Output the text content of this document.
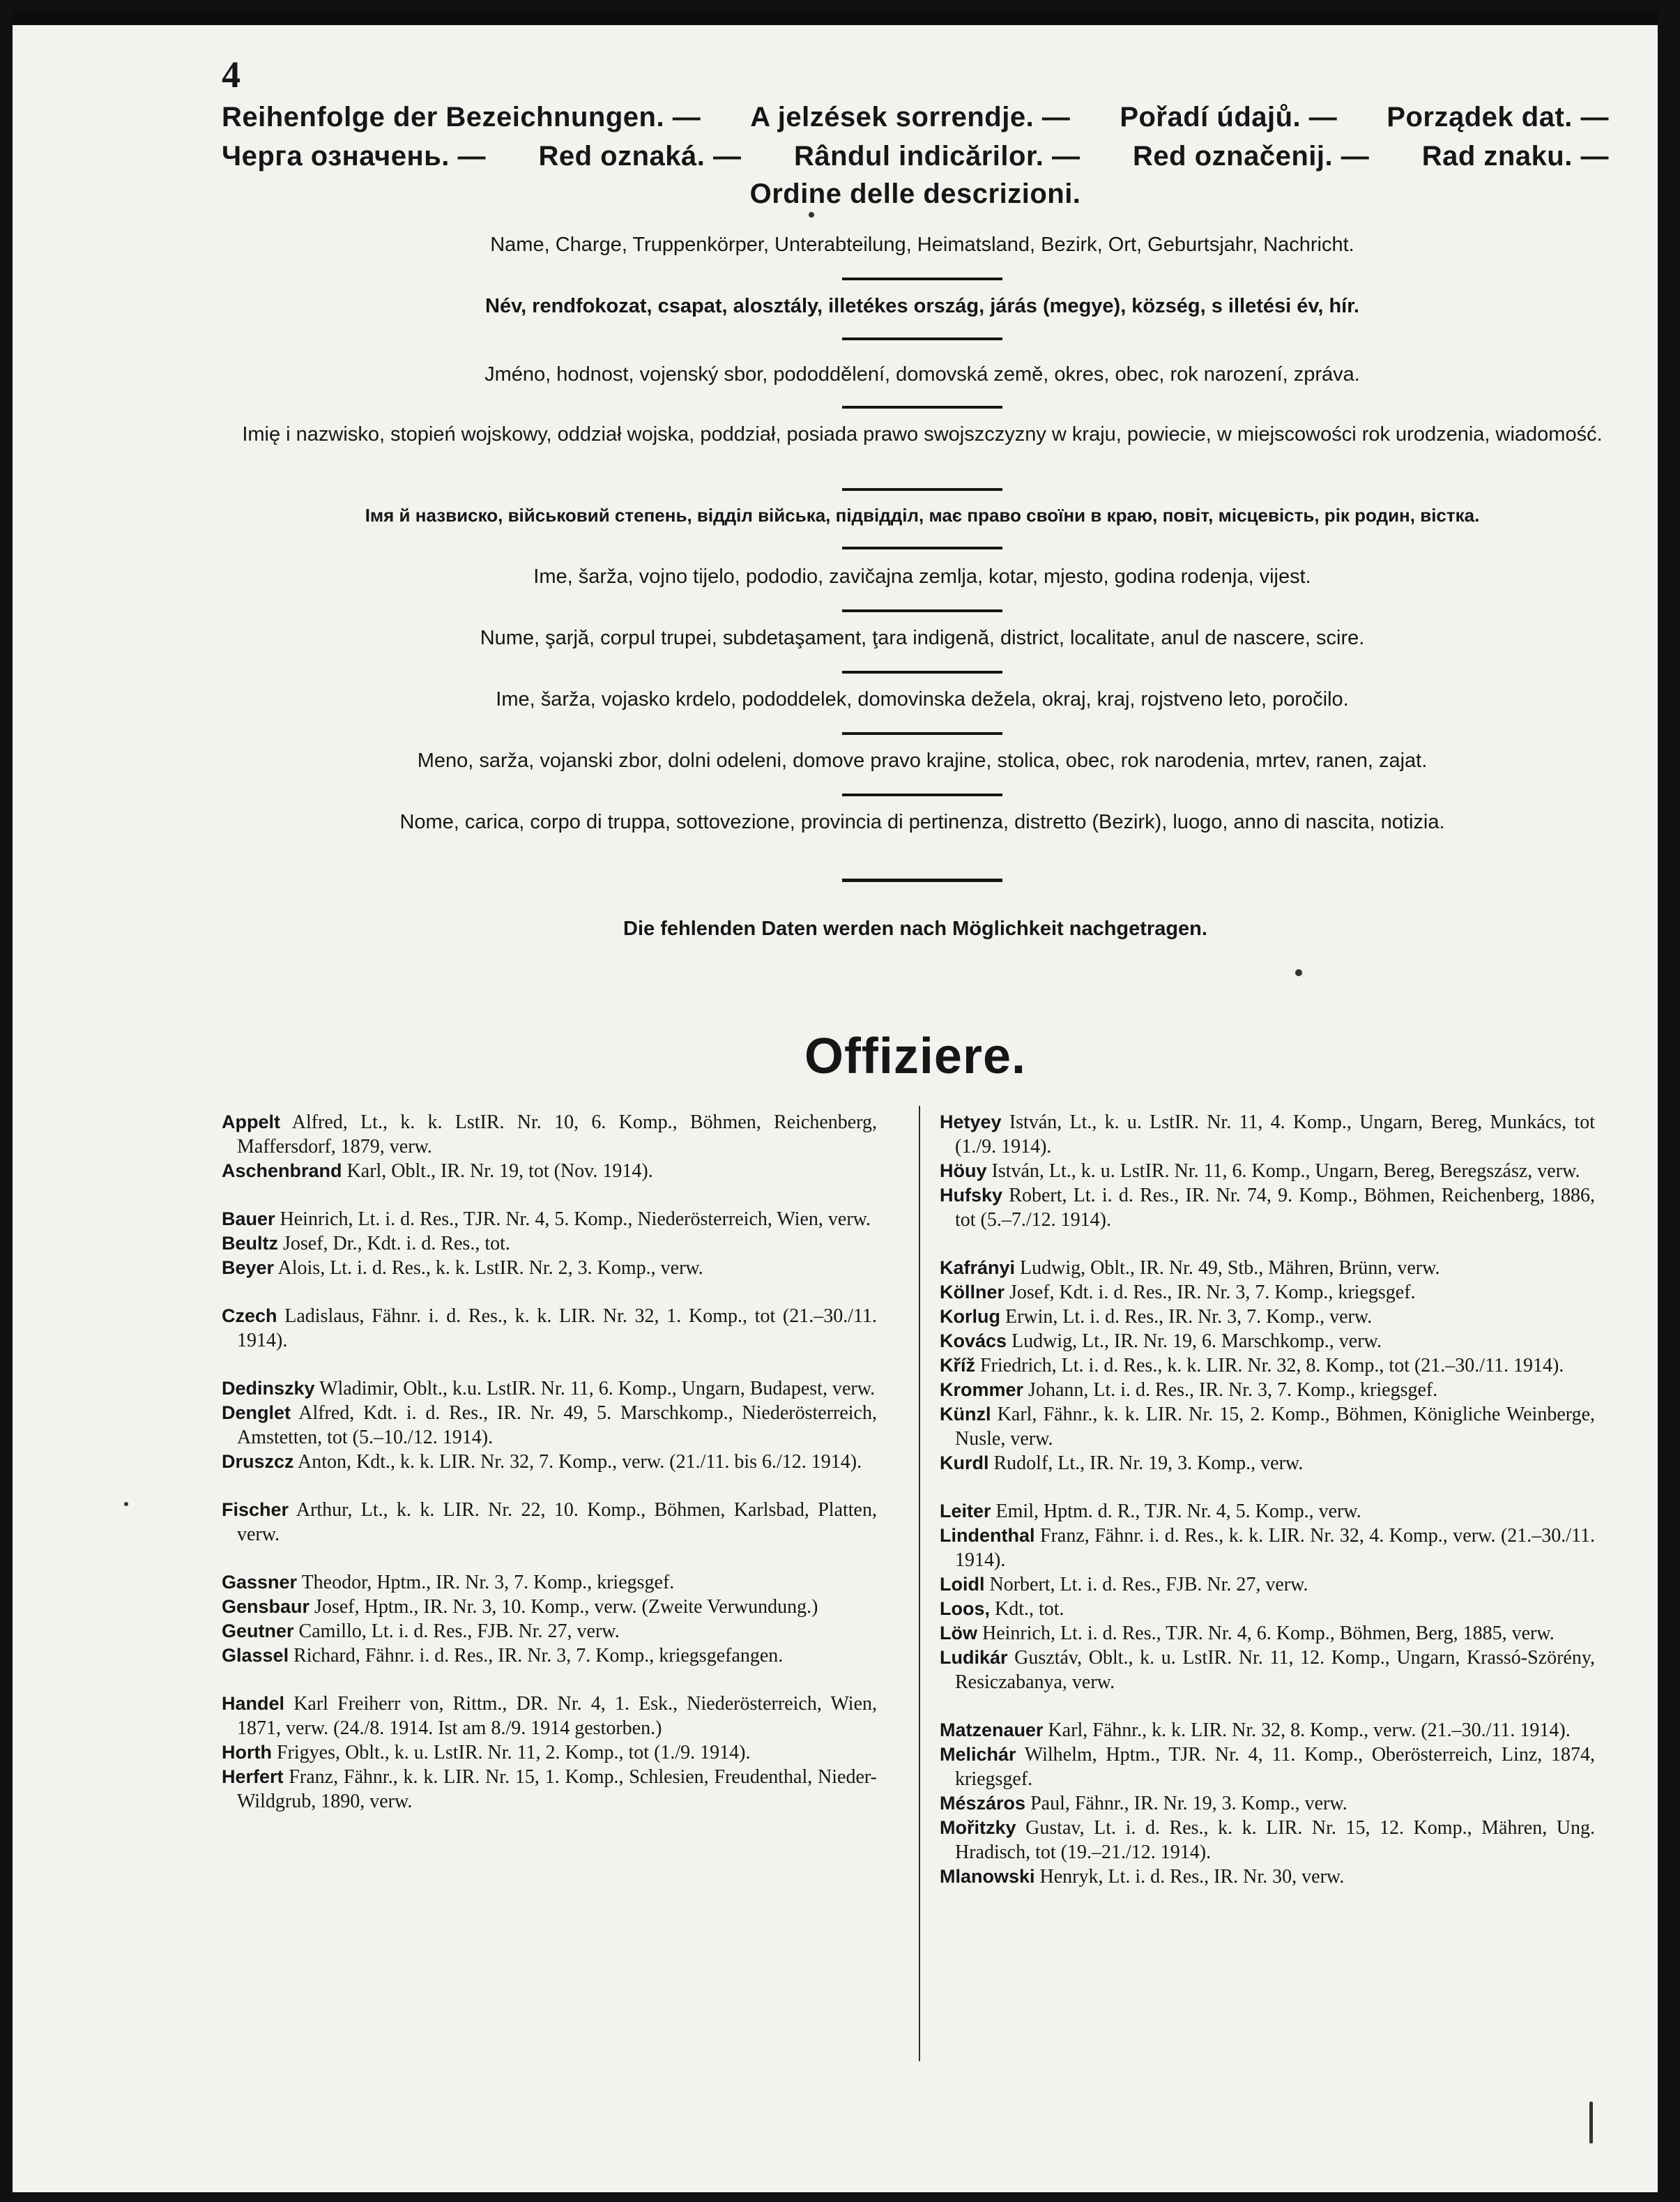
4
Reihenfolge der Bezeichnungen. — A jelzések sorrendje. — Pořadí údajů. — Porządek dat. —
Черга означень. — Red oznaká. — Rândul indicărilor. — Red označenij. — Rad znaku. —
Ordine delle descrizioni.
Name, Charge, Truppenkörper, Unterabteilung, Heimatsland, Bezirk, Ort, Geburtsjahr, Nachricht.
Név, rendfokozat, csapat, alosztály, illetékes ország, járás (megye), község, s illetési év, hír.
Jméno, hodnost, vojenský sbor, pododdělení, domovská země, okres, obec, rok narození, zpráva.
Imię i nazwisko, stopień wojskowy, oddział wojska, poddział, posiada prawo swojszczyzny w kraju, powiecie, w miejscowości rok urodzenia, wiadomość.
Імя й назвиско, військовий степень, відділ війська, підвідділ, має право своїни в краю, повіт, місцевість, рік родин, вістка.
Ime, šarža, vojno tijelo, pododio, zavičajna zemlja, kotar, mjesto, godina rodenja, vijest.
Nume, şarjă, corpul trupei, subdetaşament, ţara indigenă, district, localitate, anul de nascere, scire.
Ime, šarža, vojasko krdelo, pododdelek, domovinska dežela, okraj, kraj, rojstveno leto, poročilo.
Meno, sarža, vojanski zbor, dolni odeleni, domove pravo krajine, stolica, obec, rok narodenia, mrtev, ranen, zajat.
Nome, carica, corpo di truppa, sottovezione, provincia di pertinenza, distretto (Bezirk), luogo, anno di nascita, notizia.
Die fehlenden Daten werden nach Möglichkeit nachgetragen.
Offiziere.
Appelt Alfred, Lt., k. k. LstIR. Nr. 10, 6. Komp., Böhmen, Reichenberg, Maffersdorf, 1879, verw.
Aschenbrand Karl, Oblt., IR. Nr. 19, tot (Nov. 1914).
Bauer Heinrich, Lt. i. d. Res., TJR. Nr. 4, 5. Komp., Niederösterreich, Wien, verw.
Beultz Josef, Dr., Kdt. i. d. Res., tot.
Beyer Alois, Lt. i. d. Res., k. k. LstIR. Nr. 2, 3. Komp., verw.
Czech Ladislaus, Fähnr. i. d. Res., k. k. LIR. Nr. 32, 1. Komp., tot (21.–30./11. 1914).
Dedinszky Wladimir, Oblt., k.u. LstIR. Nr. 11, 6. Komp., Ungarn, Budapest, verw.
Denglet Alfred, Kdt. i. d. Res., IR. Nr. 49, 5. Marschkomp., Niederösterreich, Amstetten, tot (5.–10./12. 1914).
Druszcz Anton, Kdt., k. k. LIR. Nr. 32, 7. Komp., verw. (21./11. bis 6./12. 1914).
Fischer Arthur, Lt., k. k. LIR. Nr. 22, 10. Komp., Böhmen, Karlsbad, Platten, verw.
Gassner Theodor, Hptm., IR. Nr. 3, 7. Komp., kriegsgef.
Gensbaur Josef, Hptm., IR. Nr. 3, 10. Komp., verw. (Zweite Verwundung.)
Geutner Camillo, Lt. i. d. Res., FJB. Nr. 27, verw.
Glassel Richard, Fähnr. i. d. Res., IR. Nr. 3, 7. Komp., kriegsgefangen.
Handel Karl Freiherr von, Rittm., DR. Nr. 4, 1. Esk., Niederösterreich, Wien, 1871, verw. (24./8. 1914. Ist am 8./9. 1914 gestorben.)
Horth Frigyes, Oblt., k. u. LstIR. Nr. 11, 2. Komp., tot (1./9. 1914).
Herfert Franz, Fähnr., k. k. LIR. Nr. 15, 1. Komp., Schlesien, Freudenthal, Nieder-Wildgrub, 1890, verw.
Hetyey István, Lt., k. u. LstIR. Nr. 11, 4. Komp., Ungarn, Bereg, Munkács, tot (1./9. 1914).
Höuy István, Lt., k. u. LstIR. Nr. 11, 6. Komp., Ungarn, Bereg, Beregszász, verw.
Hufsky Robert, Lt. i. d. Res., IR. Nr. 74, 9. Komp., Böhmen, Reichenberg, 1886, tot (5.–7./12. 1914).
Kafrányi Ludwig, Oblt., IR. Nr. 49, Stb., Mähren, Brünn, verw.
Köllner Josef, Kdt. i. d. Res., IR. Nr. 3, 7. Komp., kriegsgef.
Korlug Erwin, Lt. i. d. Res., IR. Nr. 3, 7. Komp., verw.
Kovács Ludwig, Lt., IR. Nr. 19, 6. Marschkomp., verw.
Kříž Friedrich, Lt. i. d. Res., k. k. LIR. Nr. 32, 8. Komp., tot (21.–30./11. 1914).
Krommer Johann, Lt. i. d. Res., IR. Nr. 3, 7. Komp., kriegsgef.
Künzl Karl, Fähnr., k. k. LIR. Nr. 15, 2. Komp., Böhmen, Königliche Weinberge, Nusle, verw.
Kurdl Rudolf, Lt., IR. Nr. 19, 3. Komp., verw.
Leiter Emil, Hptm. d. R., TJR. Nr. 4, 5. Komp., verw.
Lindenthal Franz, Fähnr. i. d. Res., k. k. LIR. Nr. 32, 4. Komp., verw. (21.–30./11. 1914).
Loidl Norbert, Lt. i. d. Res., FJB. Nr. 27, verw.
Loos, Kdt., tot.
Löw Heinrich, Lt. i. d. Res., TJR. Nr. 4, 6. Komp., Böhmen, Berg, 1885, verw.
Ludikár Gusztáv, Oblt., k. u. LstIR. Nr. 11, 12. Komp., Ungarn, Krassó-Szörény, Resiczabanya, verw.
Matzenauer Karl, Fähnr., k. k. LIR. Nr. 32, 8. Komp., verw. (21.–30./11. 1914).
Melichár Wilhelm, Hptm., TJR. Nr. 4, 11. Komp., Oberösterreich, Linz, 1874, kriegsgef.
Mészáros Paul, Fähnr., IR. Nr. 19, 3. Komp., verw.
Mořitzky Gustav, Lt. i. d. Res., k. k. LIR. Nr. 15, 12. Komp., Mähren, Ung. Hradisch, tot (19.–21./12. 1914).
Mlanowski Henryk, Lt. i. d. Res., IR. Nr. 30, verw.
